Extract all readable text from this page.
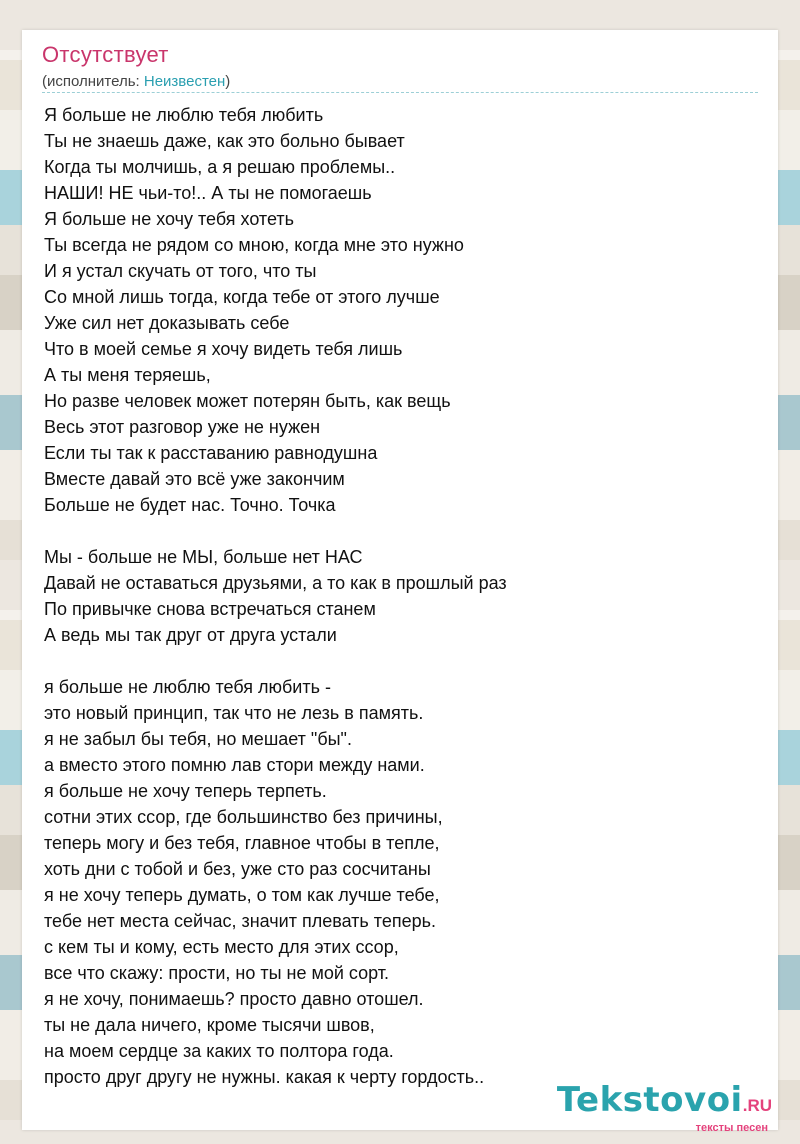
Отсутствует
(исполнитель: Неизвестен)
Я больше не люблю тебя любить
Ты не знаешь даже, как это больно бывает
Когда ты молчишь, а я решаю проблемы..
НАШИ! НЕ чьи-то!.. А ты не помогаешь
Я больше не хочу тебя хотеть
Ты всегда не рядом со мною, когда мне это нужно
И я устал скучать от того, что ты
Со мной лишь тогда, когда тебе от этого лучше
Уже сил нет доказывать себе
Что в моей семье я хочу видеть тебя лишь
А ты меня теряешь,
Но разве человек может потерян быть, как вещь
Весь этот разговор уже не нужен
Если ты так к расставанию равнодушна
Вместе давай это всё уже закончим
Больше не будет нас. Точно. Точка
Мы - больше не МЫ, больше нет НАС
Давай не оставаться друзьями, а то как в прошлый раз
По привычке снова встречаться станем
А ведь мы так друг от друга устали
я больше не люблю тебя любить -
это новый принцип, так что не лезь в память.
я не забыл бы тебя, но мешает "бы".
а вместо этого помню лав стори между нами.
я больше не хочу теперь терпеть.
сотни этих ссор, где большинство без причины,
теперь могу и без тебя, главное чтобы в тепле,
хоть дни с тобой и без, уже сто раз сосчитаны
я не хочу теперь думать, о том как лучше тебе,
тебе нет места сейчас, значит плевать теперь.
с кем ты и кому, есть место для этих ссор,
все что скажу: прости, но ты не мой сорт.
я не хочу, понимаешь? просто давно отошел.
ты не дала ничего, кроме тысячи швов,
на моем сердце за каких то полтора года.
просто друг другу не нужны. какая к черту гордость..
Tekstovoi.RU
тексты песен
